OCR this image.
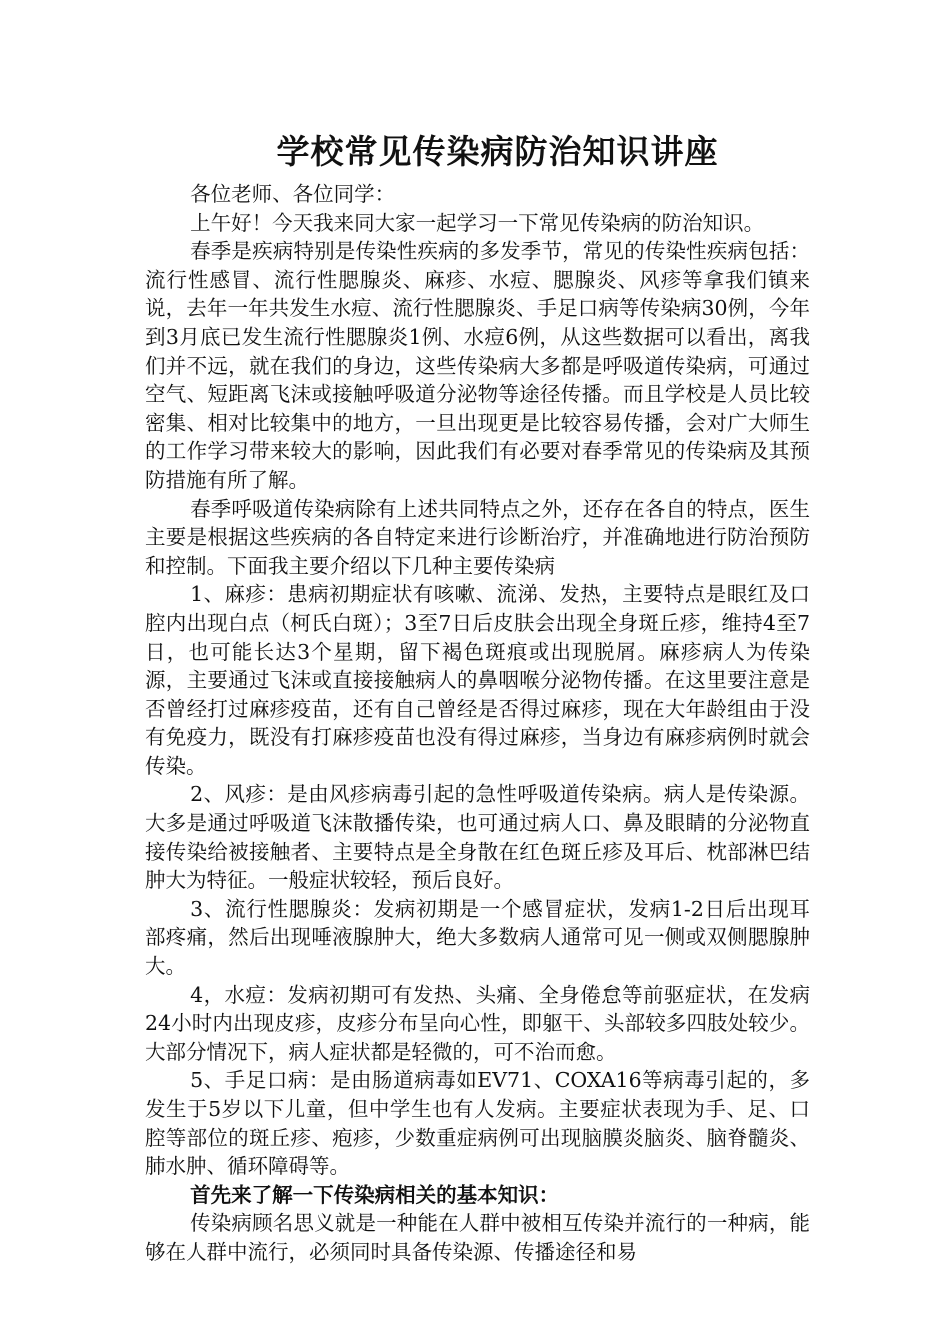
学校常见传染病防治知识讲座

各位老师、各位同学：

上午好！今天我来同大家一起学习一下常见传染病的防治知识。

春季是疾病特别是传染性疾病的多发季节，常见的传染性疾病包括：流行性感冒、流行性腮腺炎、麻疹、水痘、腮腺炎、风疹等拿我们镇来说，去年一年共发生水痘、流行性腮腺炎、手足口病等传染病30例，今年到3月底已发生流行性腮腺炎1例、水痘6例，从这些数据可以看出，离我们并不远，就在我们的身边，这些传染病大多都是呼吸道传染病，可通过空气、短距离飞沫或接触呼吸道分泌物等途径传播。而且学校是人员比较密集、相对比较集中的地方，一旦出现更是比较容易传播，会对广大师生的工作学习带来较大的影响，因此我们有必要对春季常见的传染病及其预防措施有所了解。

春季呼吸道传染病除有上述共同特点之外，还存在各自的特点，医生主要是根据这些疾病的各自特定来进行诊断治疗，并准确地进行防治预防和控制。下面我主要介绍以下几种主要传染病

1、麻疹：患病初期症状有咳嗽、流涕、发热，主要特点是眼红及口腔内出现白点（柯氏白斑）；3至7日后皮肤会出现全身斑丘疹，维持4至7日，也可能长达3个星期，留下褐色斑痕或出现脱屑。麻疹病人为传染源，主要通过飞沫或直接接触病人的鼻咽喉分泌物传播。在这里要注意是否曾经打过麻疹疫苗，还有自己曾经是否得过麻疹，现在大年龄组由于没有免疫力，既没有打麻疹疫苗也没有得过麻疹，当身边有麻疹病例时就会传染。

2、风疹：是由风疹病毒引起的急性呼吸道传染病。病人是传染源。大多是通过呼吸道飞沫散播传染，也可通过病人口、鼻及眼睛的分泌物直接传染给被接触者、主要特点是全身散在红色斑丘疹及耳后、枕部淋巴结肿大为特征。一般症状较轻，预后良好。

3、流行性腮腺炎：发病初期是一个感冒症状，发病1-2日后出现耳部疼痛，然后出现唾液腺肿大，绝大多数病人通常可见一侧或双侧腮腺肿大。

4，水痘：发病初期可有发热、头痛、全身倦怠等前驱症状，在发病24小时内出现皮疹，皮疹分布呈向心性，即躯干、头部较多四肢处较少。大部分情况下，病人症状都是轻微的，可不治而愈。

5、手足口病：是由肠道病毒如EV71、COXA16等病毒引起的，多发生于5岁以下儿童，但中学生也有人发病。主要症状表现为手、足、口腔等部位的斑丘疹、疱疹，少数重症病例可出现脑膜炎脑炎、脑脊髓炎、肺水肿、循环障碍等。

首先来了解一下传染病相关的基本知识：

传染病顾名思义就是一种能在人群中被相互传染并流行的一种病，能够在人群中流行，必须同时具备传染源、传播途径和易
